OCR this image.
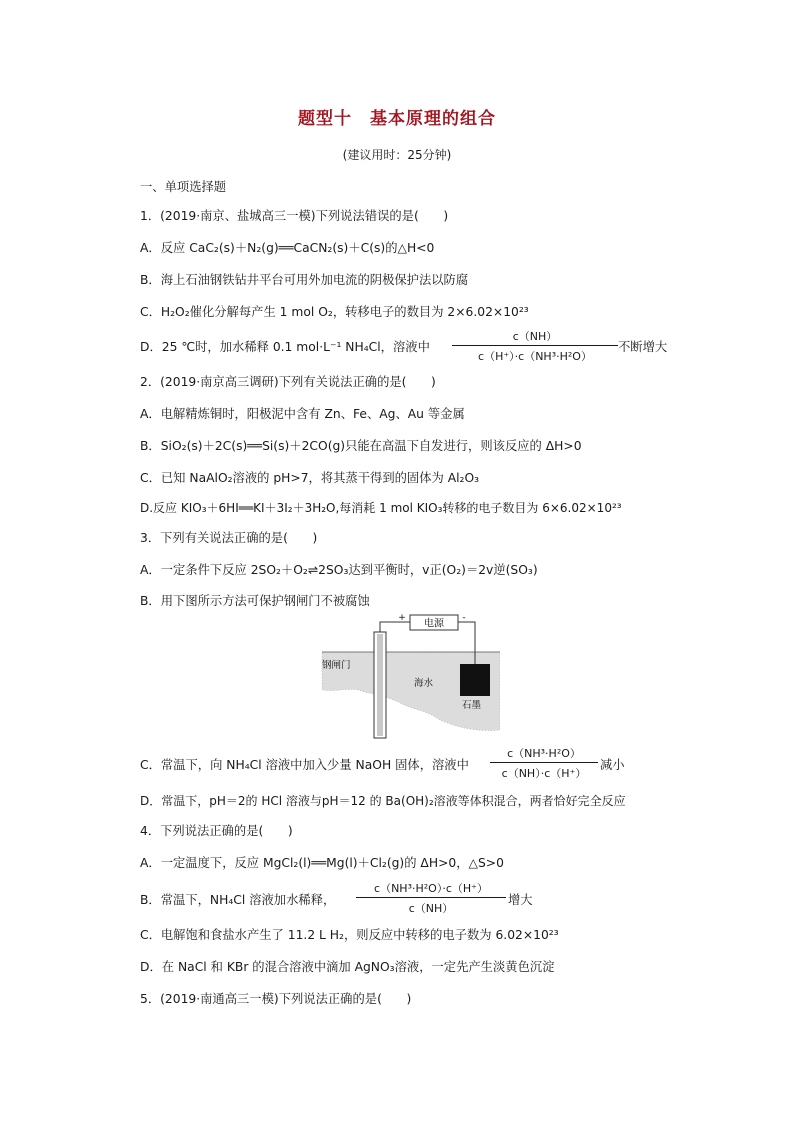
题型十　基本原理的组合
(建议用时：25分钟)
一、单项选择题
1．(2019·南京、盐城高三一模)下列说法错误的是(　　)
A．反应 CaC₂(s)＋N₂(g)══CaCN₂(s)＋C(s)的△H<0
B．海上石油钢铁钻井平台可用外加电流的阴极保护法以防腐
C．H₂O₂催化分解每产生 1 mol O₂，转移电子的数目为 2×6.02×10²³
D．25 ℃时，加水稀释 0.1 mol·L⁻¹ NH₄Cl，溶液中
c（NH）
c（H⁺）·c（NH³·H²O）
不断增大
2．(2019·南京高三调研)下列有关说法正确的是(　　)
A．电解精炼铜时，阳极泥中含有 Zn、Fe、Ag、Au 等金属
B．SiO₂(s)＋2C(s)══Si(s)＋2CO(g)只能在高温下自发进行，则该反应的 ΔH>0
C．已知 NaAlO₂溶液的 pH>7，将其蒸干得到的固体为 Al₂O₃
D.反应 KIO₃＋6HI══KI＋3I₂＋3H₂O,每消耗 1 mol KIO₃转移的电子数目为 6×6.02×10²³
3．下列有关说法正确的是(　　)
A．一定条件下反应 2SO₂＋O₂⇌2SO₃达到平衡时，v正(O₂)＝2v逆(SO₃)
B．用下图所示方法可保护钢闸门不被腐蚀
电源
+	-
钢闸门
海水
石墨
C．常温下，向 NH₄Cl 溶液中加入少量 NaOH 固体，溶液中
c（NH³·H²O）
c（NH）·c（H⁺）
减小
D．常温下，pH＝2的 HCl 溶液与pH＝12 的 Ba(OH)₂溶液等体积混合，两者恰好完全反应
4．下列说法正确的是(　　)
A．一定温度下，反应 MgCl₂(l)══Mg(l)＋Cl₂(g)的 ΔH>0，△S>0
B．常温下，NH₄Cl 溶液加水稀释，
c（NH³·H²O）·c（H⁺）
c（NH）
增大
C．电解饱和食盐水产生了 11.2 L H₂，则反应中转移的电子数为 6.02×10²³
D．在 NaCl 和 KBr 的混合溶液中滴加 AgNO₃溶液，一定先产生淡黄色沉淀
5．(2019·南通高三一模)下列说法正确的是(　　)
